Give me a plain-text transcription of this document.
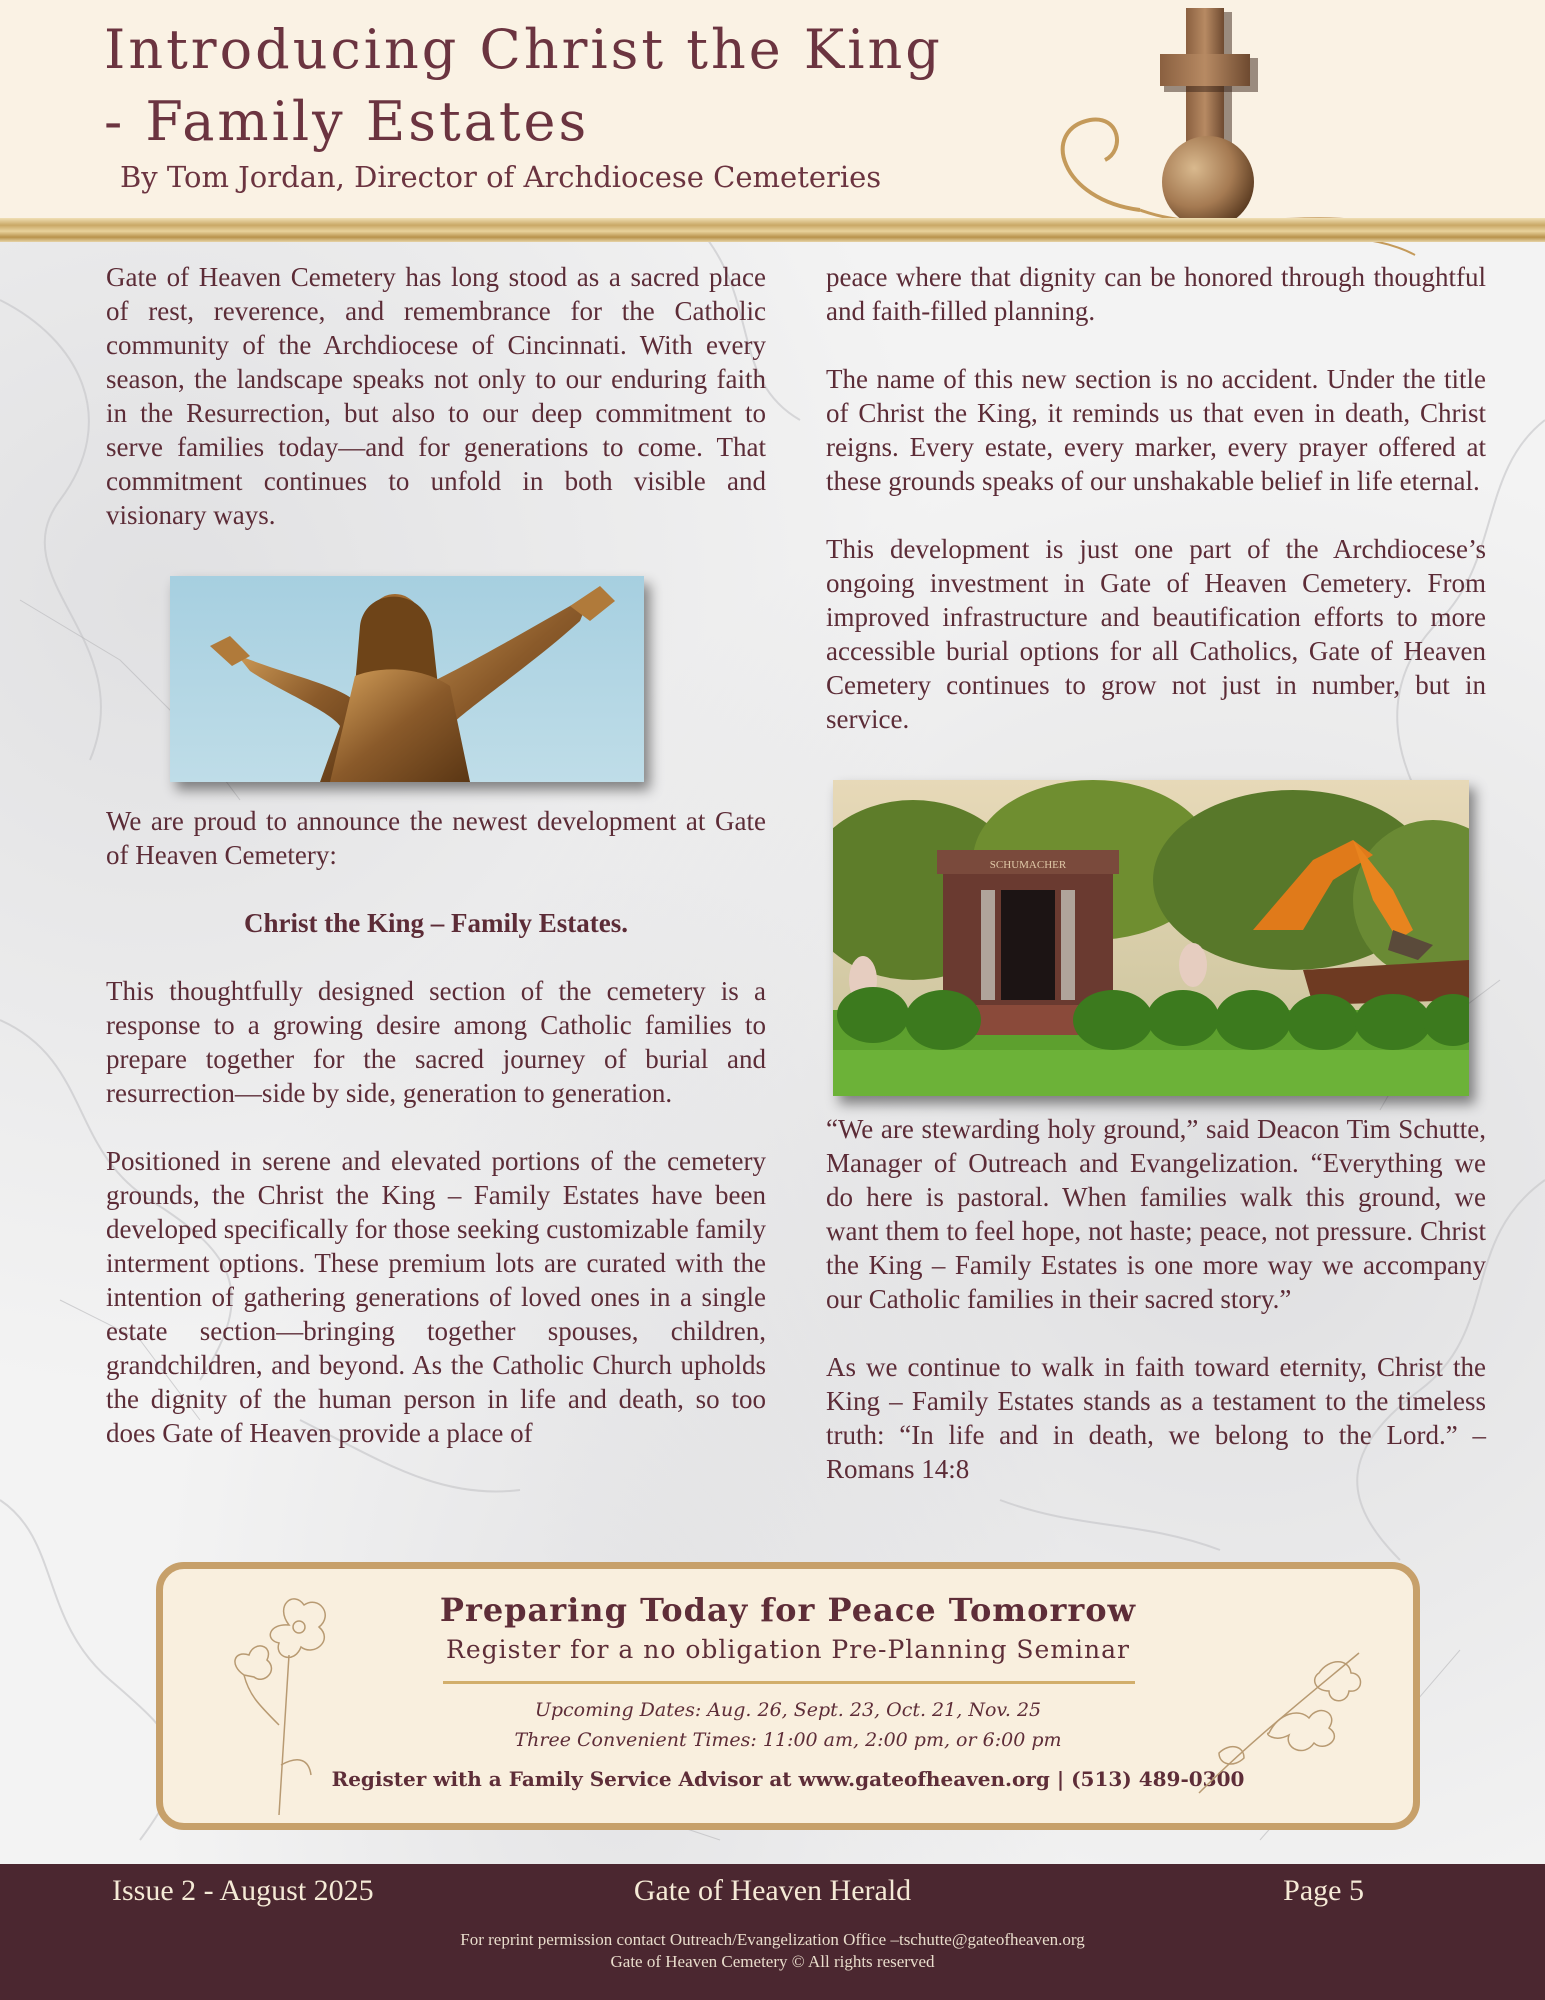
Introducing Christ the King
- Family Estates
By Tom Jordan, Director of Archdiocese Cemeteries

Gate of Heaven Cemetery has long stood as a sacred place of rest, reverence, and remembrance for the Catholic community of the Archdiocese of Cincinnati. With every season, the landscape speaks not only to our enduring faith in the Resurrection, but also to our deep commitment to serve families today—and for generations to come. That commitment continues to unfold in both visible and visionary ways.

We are proud to announce the newest development at Gate of Heaven Cemetery:

Christ the King – Family Estates.

This thoughtfully designed section of the cemetery is a response to a growing desire among Catholic families to prepare together for the sacred journey of burial and resurrection—side by side, generation to generation.

Positioned in serene and elevated portions of the cemetery grounds, the Christ the King – Family Estates have been developed specifically for those seeking customizable family interment options. These premium lots are curated with the intention of gathering generations of loved ones in a single estate section—bringing together spouses, children, grandchildren, and beyond. As the Catholic Church upholds the dignity of the human person in life and death, so too does Gate of Heaven provide a place of

peace where that dignity can be honored through thoughtful and faith-filled planning.

The name of this new section is no accident. Under the title of Christ the King, it reminds us that even in death, Christ reigns. Every estate, every marker, every prayer offered at these grounds speaks of our unshakable belief in life eternal.

This development is just one part of the Archdiocese’s ongoing investment in Gate of Heaven Cemetery. From improved infrastructure and beautification efforts to more accessible burial options for all Catholics, Gate of Heaven Cemetery continues to grow not just in number, but in service.

SCHUMACHER

“We are stewarding holy ground,” said Deacon Tim Schutte, Manager of Outreach and Evangelization. “Everything we do here is pastoral. When families walk this ground, we want them to feel hope, not haste; peace, not pressure. Christ the King – Family Estates is one more way we accompany our Catholic families in their sacred story.”

As we continue to walk in faith toward eternity, Christ the King – Family Estates stands as a testament to the timeless truth: “In life and in death, we belong to the Lord.” –Romans 14:8

Preparing Today for Peace Tomorrow
Register for a no obligation Pre-Planning Seminar
Upcoming Dates: Aug. 26, Sept. 23, Oct. 21, Nov. 25
Three Convenient Times: 11:00 am, 2:00 pm, or 6:00 pm
Register with a Family Service Advisor at www.gateofheaven.org | (513) 489-0300
Issue 2 - August 2025	Gate of Heaven Herald	Page 5
For reprint permission contact Outreach/Evangelization Office –tschutte@gateofheaven.org
Gate of Heaven Cemetery © All rights reserved
